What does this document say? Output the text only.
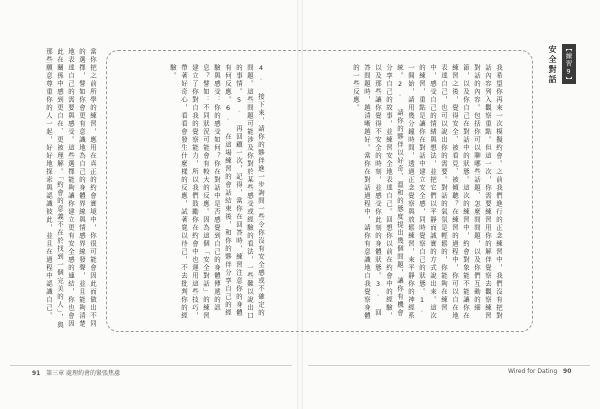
【練習9】
安全對話
我希望你再來一次模擬約會。之前我們進行的正念練習中，我們沒有把對話內容列入觀察重點。但這一次，你需要練習用你的解伴覺察去觀察練習對話的內容。包括你可以聊哪些話題、怎麼問問題，以及你們互動的細節，以及你自己在對話中的狀態。這次的練習中，約會對象能不能讓你在練習之後，覺得安全、被看見、被傾聽？在練習的過程中，你可以自在地表達自己，也可以說出你的需要。對話的氣氛是輕鬆的，你能夠在練習中，感受自己的情緒與想法，並把它們以平靜而誠實的方式說出來。這次的練習，重點是讓你在對話中建立安全感，同時覺察自己的狀態。1. 一開始，請用幾分鐘時間，透過正念覺察與放鬆練習，來平靜你的神經系統。2. 請你的夥伴以好奇、溫和的態度提出幾個問題，讓你有機會分享自己的故事，並練習安全地表達自己。回想你以前在約會中的經驗，以及那些讓你覺得不安全的時刻，並感受你此刻的身體狀態。3. 回答問題時，越清晰越好。當你在對話過程中，請你有意識地自我覺察身體的一些反應。
4. 接下來，請你的夥伴進一步詢問一些令你沒有安全感或不確定的問題。這些問題可能涉及你對於某些感受或經驗的看法，一些難以說出口的事情。5. 再回顧一次，記得，當你在回答時，練習注意你的身體有何反應。6. 在這場練習的會話結束後，和你的夥伴分享自己的經驗與感受：你的感受如何？你在對話中是否感覺到自己的身體傳遞的訊息？譬如：不同狀況可能會有較大的反應。因為這個「安全對話」的練習建立了你對自我的覺察能力，所以我們鼓勵你在約會中也運用這些技巧，帶著好奇心，看看會發生什麼樣的反應，試著寬以待己，不去批判你的經驗。
當你把之前所學的練習，應用在真正的約會實境中，你很可能會因此而做出不同的選擇，譬如你會更有意識地為自己的身體界線與情感界線發聲，並且能夠清楚地表達自己的需要與感受。這些選擇能夠讓你建立更有安全感的連結，你也會因此在關係中感到更自在、更被理解。「約會的意義不在於找到一個完美的人」，與那些願意尊重你的人一起，好好地探索與認識彼此，並且在過程中認識自己。
91 第三章 處理約會的緊張焦慮	Wired for Dating 90
